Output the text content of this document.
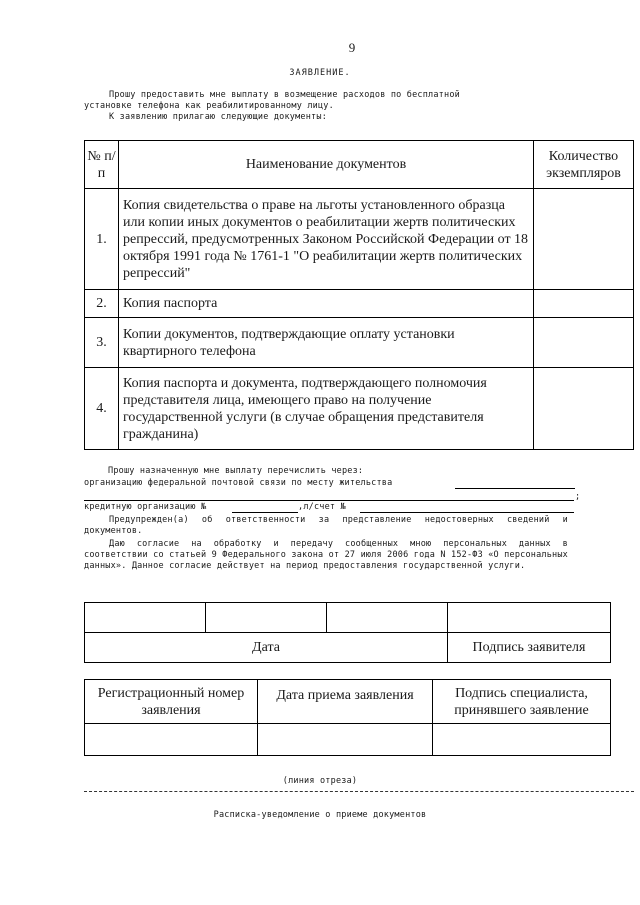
9
ЗАЯВЛЕНИЕ.

Прошу предоставить мне выплату в возмещение расходов по бесплатной

установке телефона как реабилитированному лицу.

К заявлению прилагаю следующие документы:

№ п/п	Наименование документов	Количество экземпляров
1.	Копия свидетельства о праве на льготы установленного образца или копии иных документов о реабилитации жертв политических репрессий, предусмотренных Законом Российской Федерации от 18 октября 1991 года № 1761-1 "О реабилитации жертв политических репрессий"	
2.	Копия паспорта	
3.	Копии документов, подтверждающие оплату установки квартирного телефона	
4.	Копия паспорта и документа, подтверждающего полномочия представителя лица, имеющего право на получение государственной услуги (в случае обращения представителя гражданина)	
Прошу назначенную мне выплату перечислить через:
организацию федеральной почтовой связи по месту жительства
;
кредитную организацию №	,л/счет №
Предупрежден(а) об ответственности за представление недостоверных сведений и документов.
Даю согласие на обработку и передачу сообщенных мною персональных данных в соответствии со статьей 9 Федерального закона от 27 июля 2006 года N 152-ФЗ «О персональных данных». Данное согласие действует на период предоставления государственной услуги.

Дата			Подпись заявителя
Регистрационный номер заявления	Дата приема заявления	Подпись специалиста, принявшего заявление

(линия отреза)
Расписка-уведомление о приеме документов
